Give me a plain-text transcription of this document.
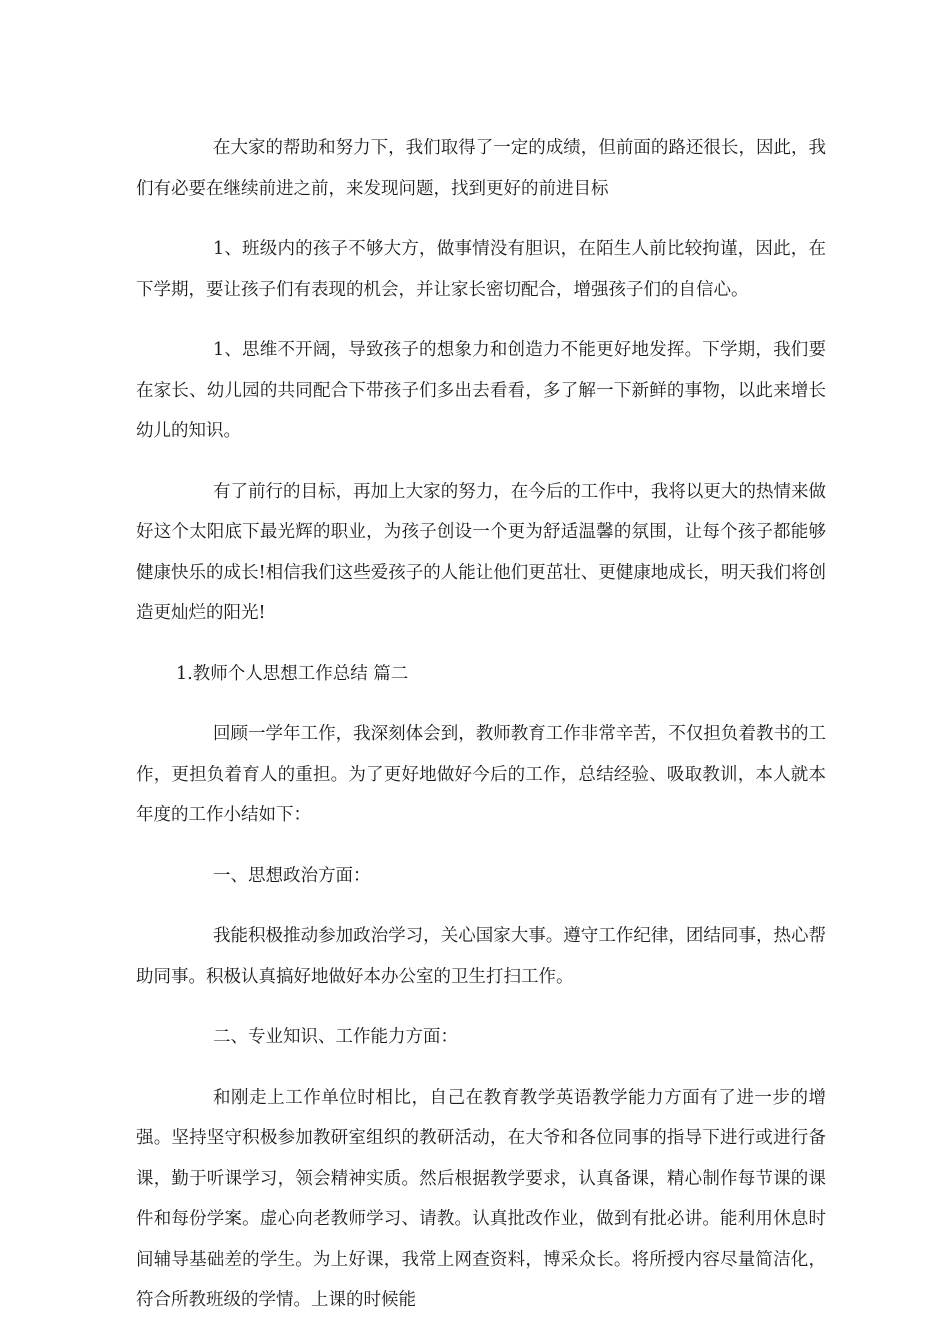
在大家的帮助和努力下，我们取得了一定的成绩，但前面的路还很长，因此，我们有必要在继续前进之前，来发现问题，找到更好的前进目标

1、班级内的孩子不够大方，做事情没有胆识，在陌生人前比较拘谨，因此，在下学期，要让孩子们有表现的机会，并让家长密切配合，增强孩子们的自信心。

1、思维不开阔，导致孩子的想象力和创造力不能更好地发挥。下学期，我们要在家长、幼儿园的共同配合下带孩子们多出去看看，多了解一下新鲜的事物，以此来增长幼儿的知识。

有了前行的目标，再加上大家的努力，在今后的工作中，我将以更大的热情来做好这个太阳底下最光辉的职业，为孩子创设一个更为舒适温馨的氛围，让每个孩子都能够健康快乐的成长!相信我们这些爱孩子的人能让他们更茁壮、更健康地成长，明天我们将创造更灿烂的阳光!

1.教师个人思想工作总结 篇二

回顾一学年工作，我深刻体会到，教师教育工作非常辛苦，不仅担负着教书的工作，更担负着育人的重担。为了更好地做好今后的工作，总结经验、吸取教训，本人就本年度的工作小结如下：

一、思想政治方面：

我能积极推动参加政治学习，关心国家大事。遵守工作纪律，团结同事，热心帮助同事。积极认真搞好地做好本办公室的卫生打扫工作。

二、专业知识、工作能力方面：

和刚走上工作单位时相比，自己在教育教学英语教学能力方面有了进一步的增强。坚持坚守积极参加教研室组织的教研活动，在大爷和各位同事的指导下进行或进行备课，勤于听课学习，领会精神实质。然后根据教学要求，认真备课，精心制作每节课的课件和每份学案。虚心向老教师学习、请教。认真批改作业，做到有批必讲。能利用休息时间辅导基础差的学生。为上好课，我常上网查资料，博采众长。将所授内容尽量简洁化，符合所教班级的学情。上课的时候能
